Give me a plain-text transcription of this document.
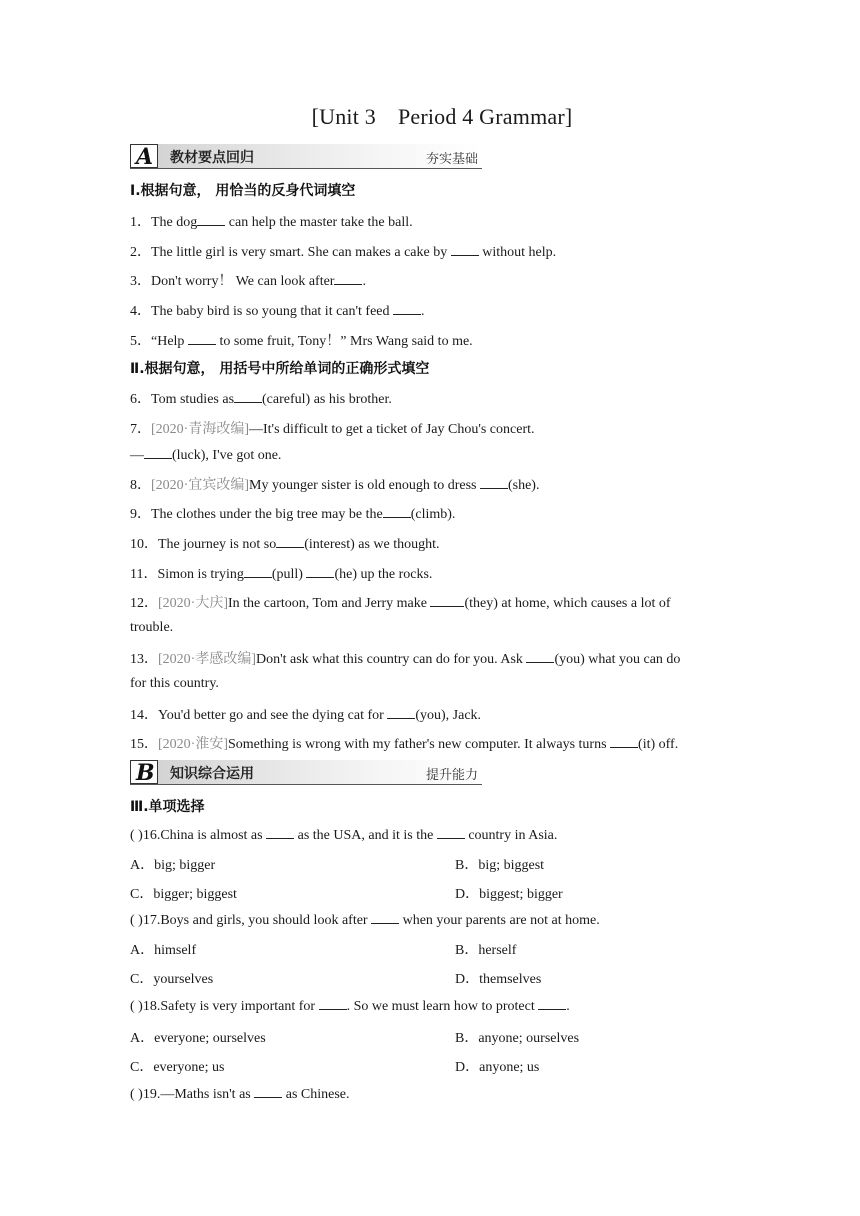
[Unit 3 Period 4 Grammar]
A 教材要点回归	夯实基础
Ⅰ.根据句意， 用恰当的反身代词填空
1．The dog can help the master take the ball.
2．The little girl is very smart. She can makes a cake by  without help.
3．Don't worry！ We can look after .
4．The baby bird is so young that it can't feed .
5．“Help  to some fruit, Tony！” Mrs Wang said to me.
Ⅱ.根据句意， 用括号中所给单词的正确形式填空
6．Tom studies as (careful) as his brother.
7．[2020·青海改编]—It's difficult to get a ticket of Jay Chou's concert.
— (luck), I've got one.
8．[2020·宜宾改编]My younger sister is old enough to dress (she).
9．The clothes under the big tree may be the (climb).
10．The journey is not so (interest) as we thought.
11．Simon is trying (pull) (he) up the rocks.
12．[2020·大庆]In the cartoon, Tom and Jerry make (they) at home, which causes a lot of
trouble.
13．[2020·孝感改编]Don't ask what this country can do for you. Ask (you) what you can do
for this country.
14．You'd better go and see the dying cat for (you), Jack.
15．[2020·淮安]Something is wrong with my father's new computer. It always turns (it) off.
B 知识综合运用	提升能力
Ⅲ.单项选择
( )16.China is almost as  as the USA, and it is the  country in Asia.
A．big; bigger	B．big; biggest
C．bigger; biggest	D．biggest; bigger
( )17.Boys and girls, you should look after  when your parents are not at home.
A．himself	B．herself
C．yourselves	D．themselves
( )18.Safety is very important for . So we must learn how to protect .
A．everyone; ourselves	B．anyone; ourselves
C．everyone; us	D．anyone; us
( )19.—Maths isn't as  as Chinese.
